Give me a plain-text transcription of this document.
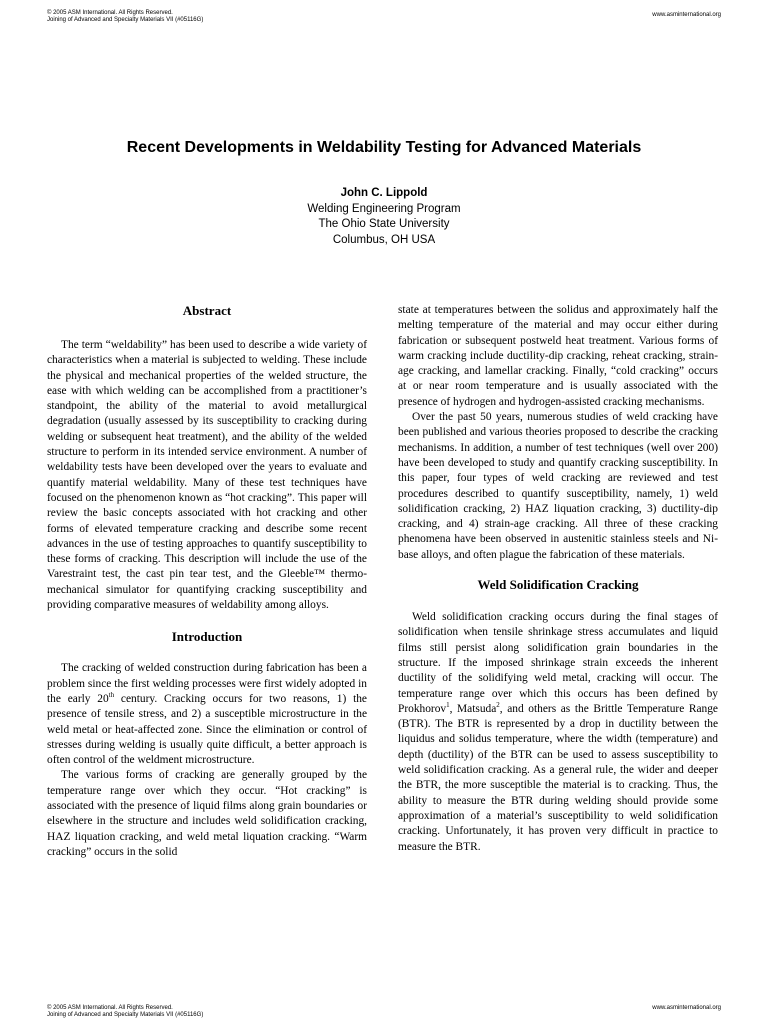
© 2005 ASM International. All Rights Reserved.
Joining of Advanced and Specialty Materials VII (#05116G)
www.asminternational.org
Recent Developments in Weldability Testing for Advanced Materials
John C. Lippold
Welding Engineering Program
The Ohio State University
Columbus, OH USA
Abstract

The term “weldability” has been used to describe a wide variety of characteristics when a material is subjected to welding. These include the physical and mechanical properties of the welded structure, the ease with which welding can be accomplished from a practitioner’s standpoint, the ability of the material to avoid metallurgical degradation (usually assessed by its susceptibility to cracking during welding or subsequent heat treatment), and the ability of the welded structure to perform in its intended service environment. A number of weldability tests have been developed over the years to evaluate and quantify material weldability. Many of these test techniques have focused on the phenomenon known as “hot cracking”. This paper will review the basic concepts associated with hot cracking and other forms of elevated temperature cracking and describe some recent advances in the use of testing approaches to quantify susceptibility to these forms of cracking. This description will include the use of the Varestraint test, the cast pin tear test, and the Gleeble™ thermo-mechanical simulator for quantifying cracking susceptibility and providing comparative measures of weldability among alloys.

Introduction

The cracking of welded construction during fabrication has been a problem since the first welding processes were first widely adopted in the early 20th century. Cracking occurs for two reasons, 1) the presence of tensile stress, and 2) a susceptible microstructure in the weld metal or heat-affected zone. Since the elimination or control of stresses during welding is usually quite difficult, a better approach is often control of the weldment microstructure.

The various forms of cracking are generally grouped by the temperature range over which they occur. “Hot cracking” is associated with the presence of liquid films along grain boundaries or elsewhere in the structure and includes weld solidification cracking, HAZ liquation cracking, and weld metal liquation cracking. “Warm cracking” occurs in the solid

state at temperatures between the solidus and approximately half the melting temperature of the material and may occur either during fabrication or subsequent postweld heat treatment. Various forms of warm cracking include ductility-dip cracking, reheat cracking, strain-age cracking, and lamellar cracking. Finally, “cold cracking” occurs at or near room temperature and is usually associated with the presence of hydrogen and hydrogen-assisted cracking mechanisms.

Over the past 50 years, numerous studies of weld cracking have been published and various theories proposed to describe the cracking mechanisms. In addition, a number of test techniques (well over 200) have been developed to study and quantify cracking susceptibility. In this paper, four types of weld cracking are reviewed and test procedures described to quantify susceptibility, namely, 1) weld solidification cracking, 2) HAZ liquation cracking, 3) ductility-dip cracking, and 4) strain-age cracking. All three of these cracking phenomena have been observed in austenitic stainless steels and Ni-base alloys, and often plague the fabrication of these materials.

Weld Solidification Cracking

Weld solidification cracking occurs during the final stages of solidification when tensile shrinkage stress accumulates and liquid films still persist along solidification grain boundaries in the structure. If the imposed shrinkage strain exceeds the inherent ductility of the solidifying weld metal, cracking will occur. The temperature range over which this occurs has been defined by Prokhorov$^1$, Matsuda$^2$, and others as the Brittle Temperature Range (BTR). The BTR is represented by a drop in ductility between the liquidus and solidus temperature, where the width (temperature) and depth (ductility) of the BTR can be used to assess susceptibility to weld solidification cracking. As a general rule, the wider and deeper the BTR, the more susceptible the material is to cracking. Thus, the ability to measure the BTR during welding should provide some approximation of a material’s susceptibility to weld solidification cracking. Unfortunately, it has proven very difficult in practice to measure the BTR.

© 2005 ASM International. All Rights Reserved.
Joining of Advanced and Specialty Materials VII (#05116G)
www.asminternational.org
